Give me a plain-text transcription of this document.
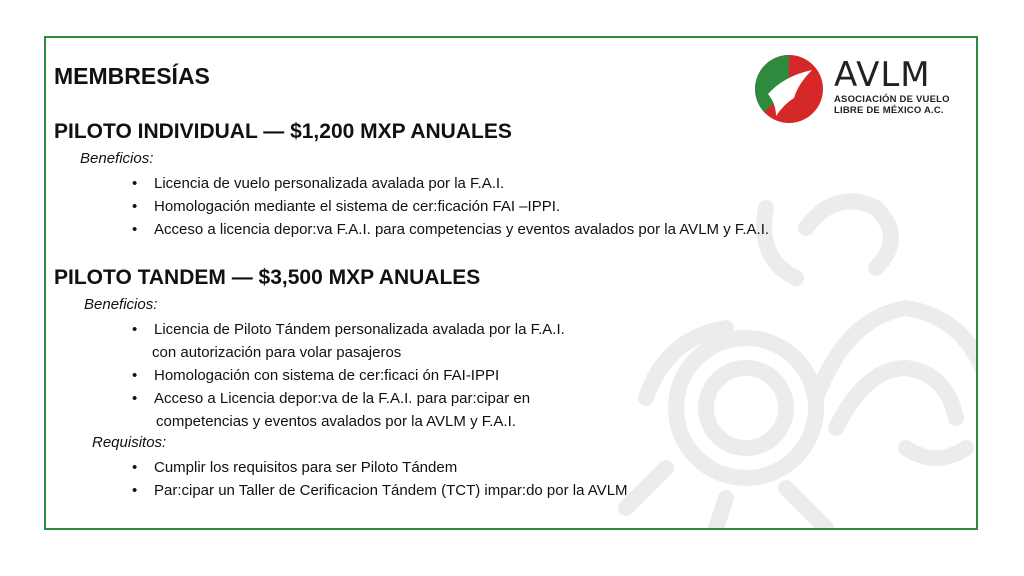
AVLM
ASOCIACIÓN DE VUELO
LIBRE DE MÉXICO A.C.
MEMBRESÍAS
PILOTO INDIVIDUAL — $1,200 MXP ANUALES
Beneficios:
• Licencia de vuelo personalizada avalada por la F.A.I.
• Homologación mediante el sistema de cer:ficación FAI –IPPI.
• Acceso a licencia depor:va F.A.I. para competencias y eventos avalados por la AVLM y F.A.I.
PILOTO TANDEM — $3,500 MXP ANUALES
Beneficios:
• Licencia de Piloto Tándem personalizada avalada por la F.A.I.
con autorización para volar pasajeros
• Homologación con sistema de cer:ficaci ón FAI-IPPI
• Acceso a Licencia depor:va de la F.A.I. para par:cipar en
competencias y eventos avalados por la AVLM y F.A.I.
Requisitos:
• Cumplir los requisitos para ser Piloto Tándem
• Par:cipar un Taller de Cerificacion Tándem (TCT) impar:do por la AVLM
